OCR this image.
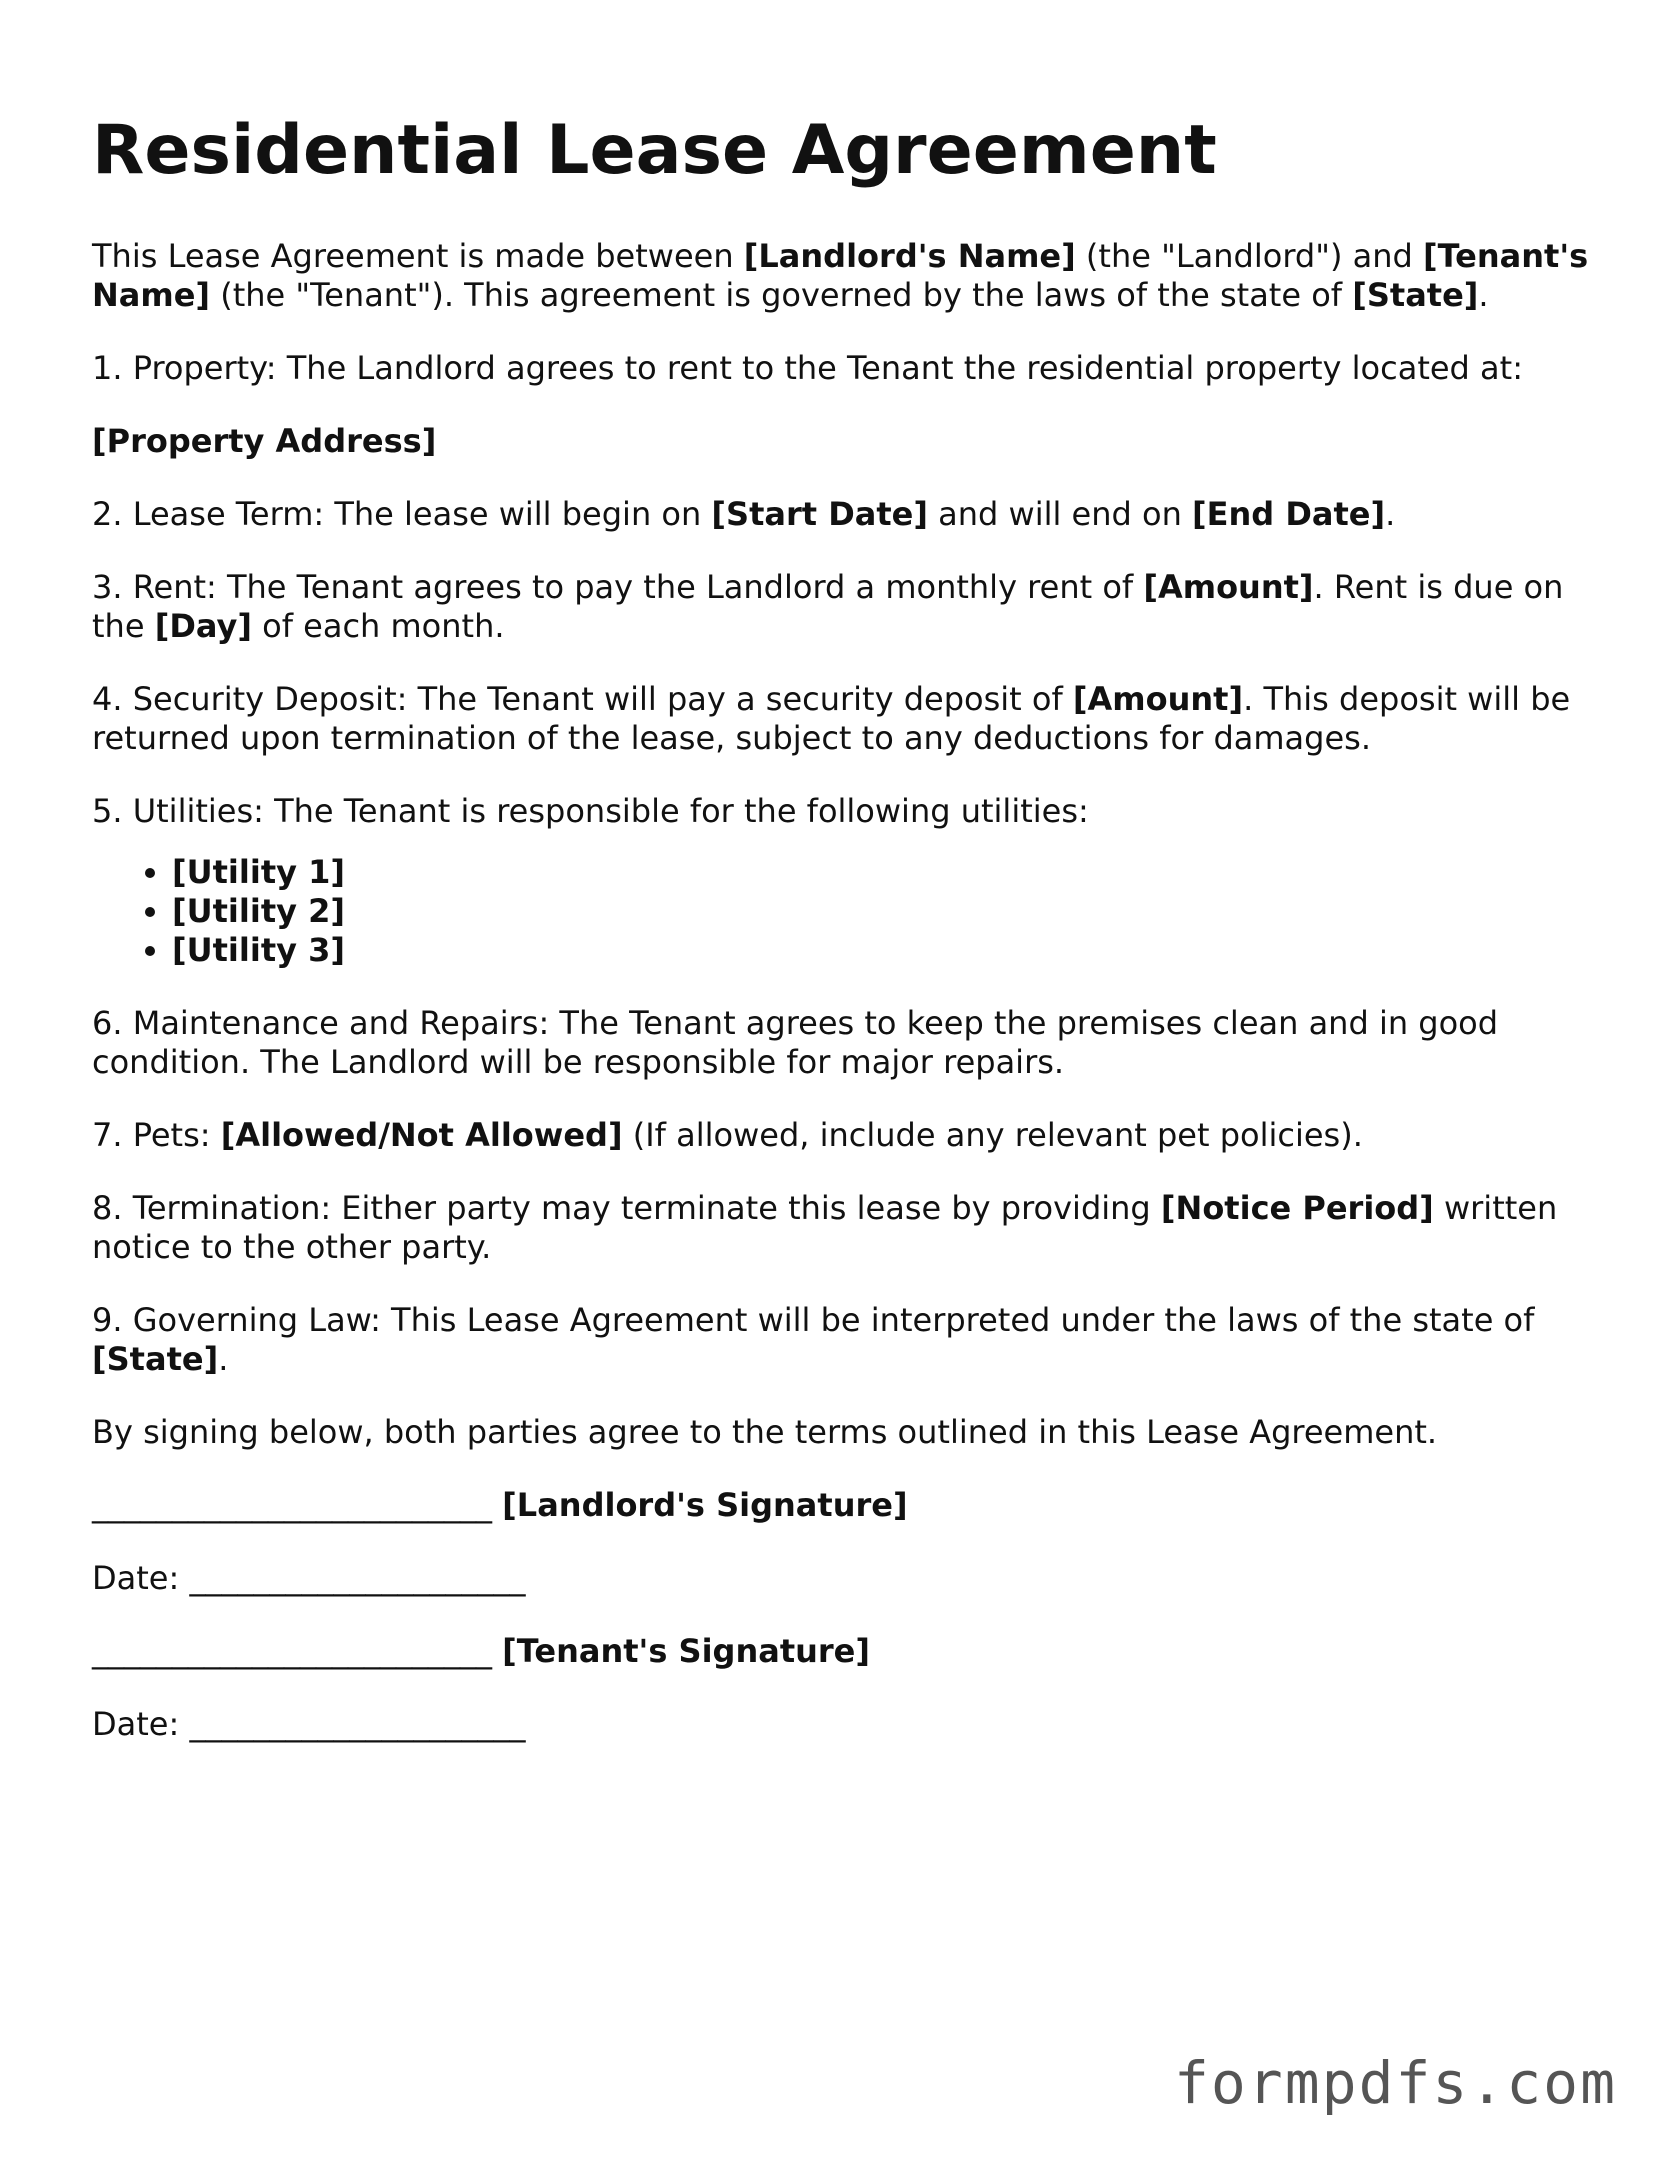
Residential Lease Agreement

This Lease Agreement is made between [Landlord's Name] (the "Landlord") and [Tenant's Name] (the "Tenant"). This agreement is governed by the laws of the state of [State].

1. Property: The Landlord agrees to rent to the Tenant the residential property located at:

[Property Address]

2. Lease Term: The lease will begin on [Start Date] and will end on [End Date].

3. Rent: The Tenant agrees to pay the Landlord a monthly rent of [Amount]. Rent is due on the [Day] of each month.

4. Security Deposit: The Tenant will pay a security deposit of [Amount]. This deposit will be returned upon termination of the lease, subject to any deductions for damages.

5. Utilities: The Tenant is responsible for the following utilities:

• [Utility 1]
• [Utility 2]
• [Utility 3]

6. Maintenance and Repairs: The Tenant agrees to keep the premises clean and in good condition. The Landlord will be responsible for major repairs.

7. Pets: [Allowed/Not Allowed] (If allowed, include any relevant pet policies).

8. Termination: Either party may terminate this lease by providing [Notice Period] written notice to the other party.

9. Governing Law: This Lease Agreement will be interpreted under the laws of the state of [State].

By signing below, both parties agree to the terms outlined in this Lease Agreement.

_________________________ [Landlord's Signature]

Date: _____________________

_________________________ [Tenant's Signature]

Date: _____________________

formpdfs.com
